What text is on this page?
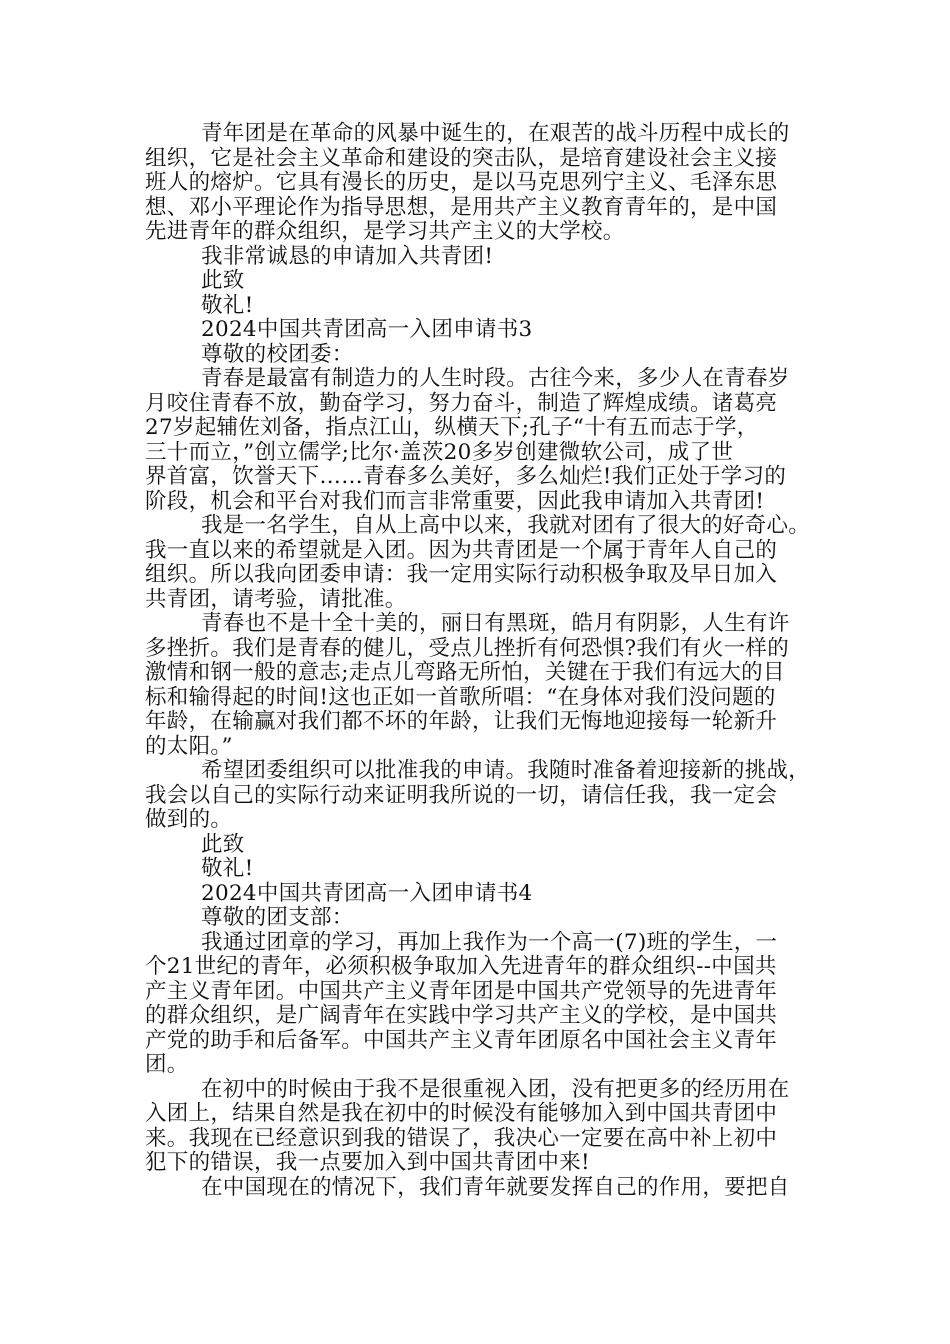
青年团是在革命的风暴中诞生的，在艰苦的战斗历程中成长的
组织，它是社会主义革命和建设的突击队，是培育建设社会主义接
班人的熔炉。它具有漫长的历史，是以马克思列宁主义、毛泽东思
想、邓小平理论作为指导思想，是用共产主义教育青年的，是中国
先进青年的群众组织，是学习共产主义的大学校。
我非常诚恳的申请加入共青团!
此致
敬礼!
2024中国共青团高一入团申请书3
尊敬的校团委：
青春是最富有制造力的人生时段。古往今来，多少人在青春岁
月咬住青春不放，勤奋学习，努力奋斗，制造了辉煌成绩。诸葛亮
27岁起辅佐刘备，指点江山，纵横天下;孔子“十有五而志于学，
三十而立，”创立儒学;比尔·盖茨20多岁创建微软公司，成了世
界首富，饮誉天下……青春多么美好，多么灿烂!我们正处于学习的
阶段，机会和平台对我们而言非常重要，因此我申请加入共青团!
我是一名学生，自从上高中以来，我就对团有了很大的好奇心。
我一直以来的希望就是入团。因为共青团是一个属于青年人自己的
组织。所以我向团委申请：我一定用实际行动积极争取及早日加入
共青团，请考验，请批准。
青春也不是十全十美的，丽日有黑斑，皓月有阴影，人生有许
多挫折。我们是青春的健儿，受点儿挫折有何恐惧?我们有火一样的
激情和钢一般的意志;走点儿弯路无所怕，关键在于我们有远大的目
标和输得起的时间!这也正如一首歌所唱：“在身体对我们没问题的
年龄，在输赢对我们都不坏的年龄，让我们无悔地迎接每一轮新升
的太阳。”
希望团委组织可以批准我的申请。我随时准备着迎接新的挑战，
我会以自己的实际行动来证明我所说的一切，请信任我，我一定会
做到的。
此致
敬礼!
2024中国共青团高一入团申请书4
尊敬的团支部：
我通过团章的学习，再加上我作为一个高一(7)班的学生，一
个21世纪的青年，必须积极争取加入先进青年的群众组织--中国共
产主义青年团。中国共产主义青年团是中国共产党领导的先进青年
的群众组织，是广阔青年在实践中学习共产主义的学校，是中国共
产党的助手和后备军。中国共产主义青年团原名中国社会主义青年
团。
在初中的时候由于我不是很重视入团，没有把更多的经历用在
入团上，结果自然是我在初中的时候没有能够加入到中国共青团中
来。我现在已经意识到我的错误了，我决心一定要在高中补上初中
犯下的错误，我一点要加入到中国共青团中来!
在中国现在的情况下，我们青年就要发挥自己的作用，要把自
